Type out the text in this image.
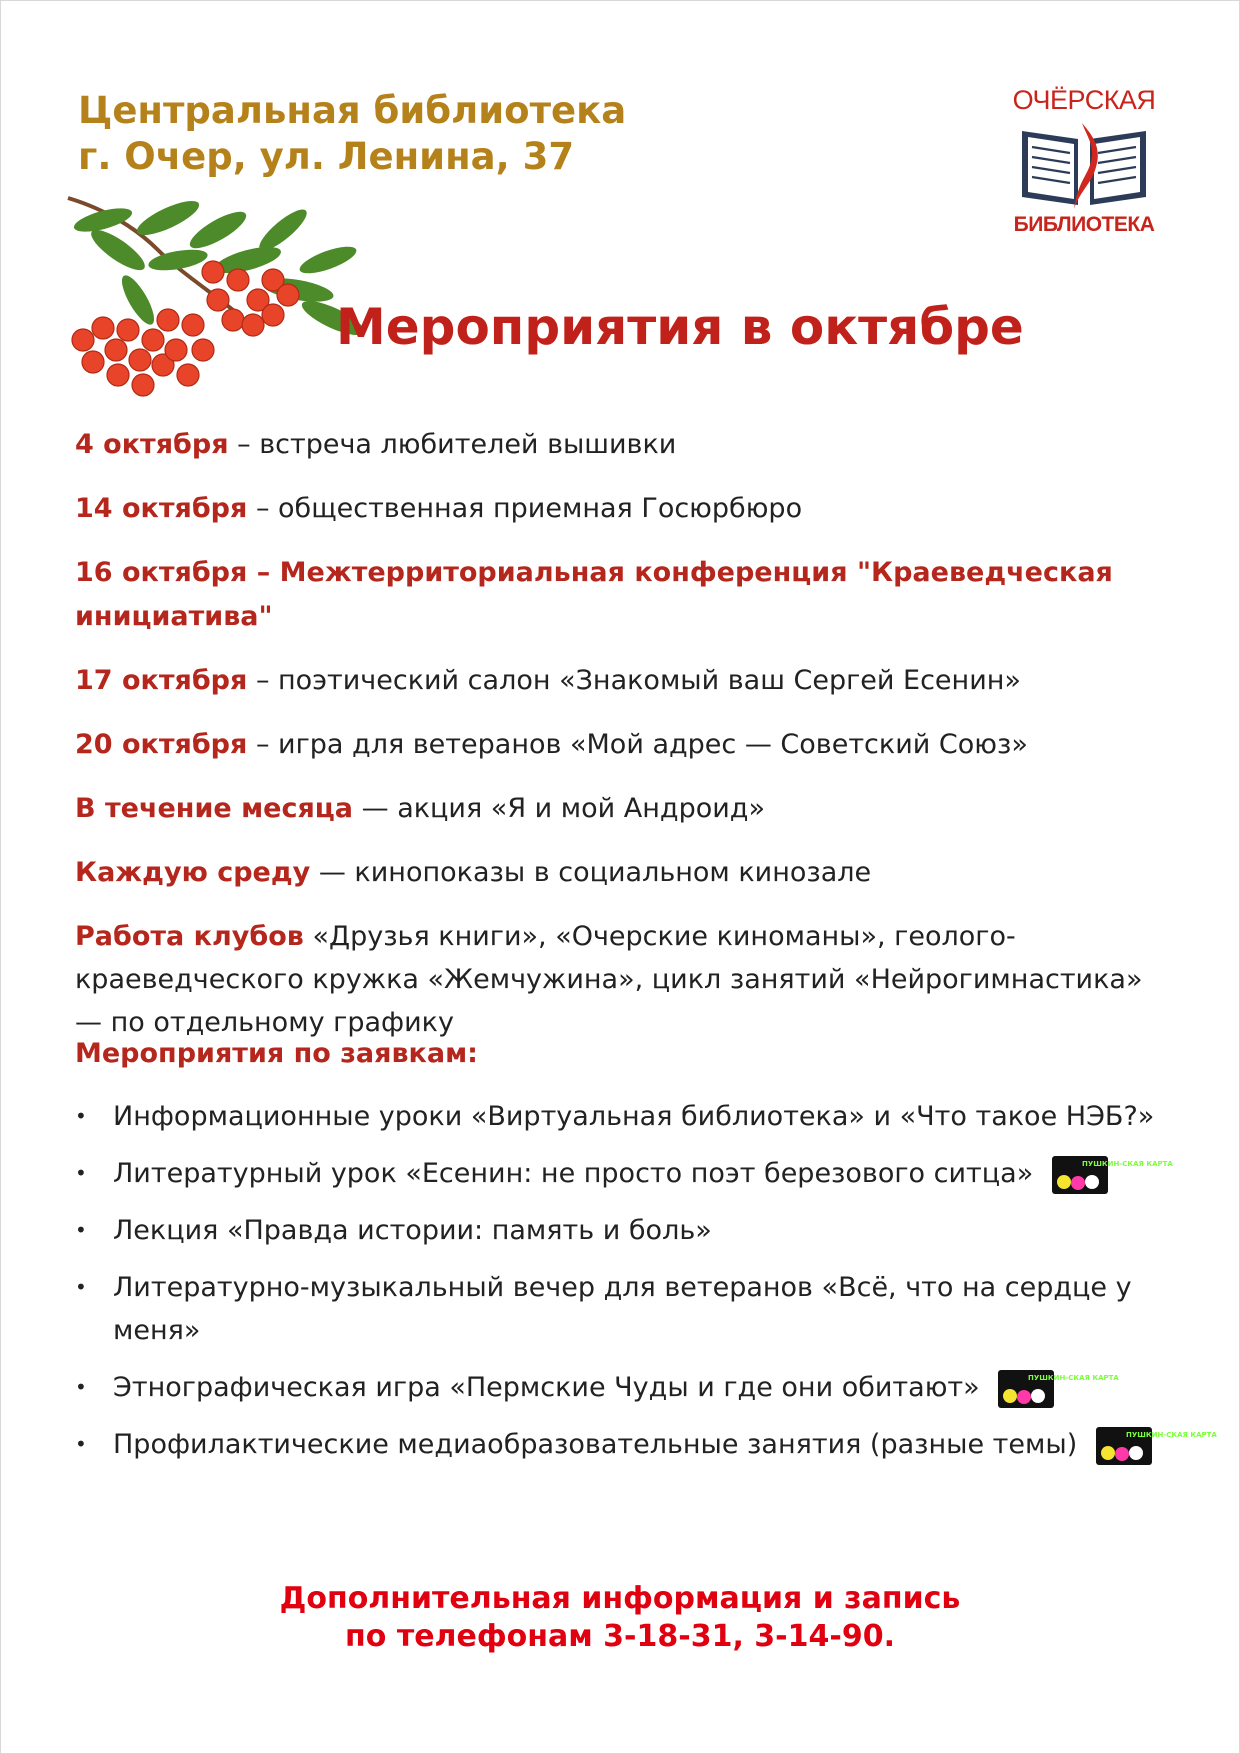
Центральная библиотека
г. Очер, ул. Ленина, 37
ОЧЁРСКАЯ
БИБЛИОТЕКА
Мероприятия в октябре
4 октября – встреча любителей вышивки
14 октября – общественная приемная Госюрбюро
16 октября – Межтерриториальная конференция "Краеведческая инициатива"
17 октября – поэтический салон «Знакомый ваш Сергей Есенин»
20 октября – игра для ветеранов «Мой адрес — Советский Союз»
В течение месяца — акция «Я и мой Андроид»
Каждую среду — кинопоказы в социальном кинозале
Работа клубов «Друзья книги», «Очерские киноманы», геолого-краеведческого кружка «Жемчужина», цикл занятий «Нейрогимнастика» — по отдельному графику
Мероприятия по заявкам:
• Информационные уроки «Виртуальная библиотека» и «Что такое НЭБ?»
• Литературный урок «Есенин: не просто поэт березового ситца»	ПУШКИН-СКАЯ КАРТА
• Лекция «Правда истории: память и боль»
• Литературно-музыкальный вечер для ветеранов «Всё, что на сердце у меня»
• Этнографическая игра «Пермские Чуды и где они обитают»	ПУШКИН-СКАЯ КАРТА
• Профилактические медиаобразовательные занятия (разные темы)	ПУШКИН-СКАЯ КАРТА
Дополнительная информация и запись
по телефонам 3-18-31, 3-14-90.
